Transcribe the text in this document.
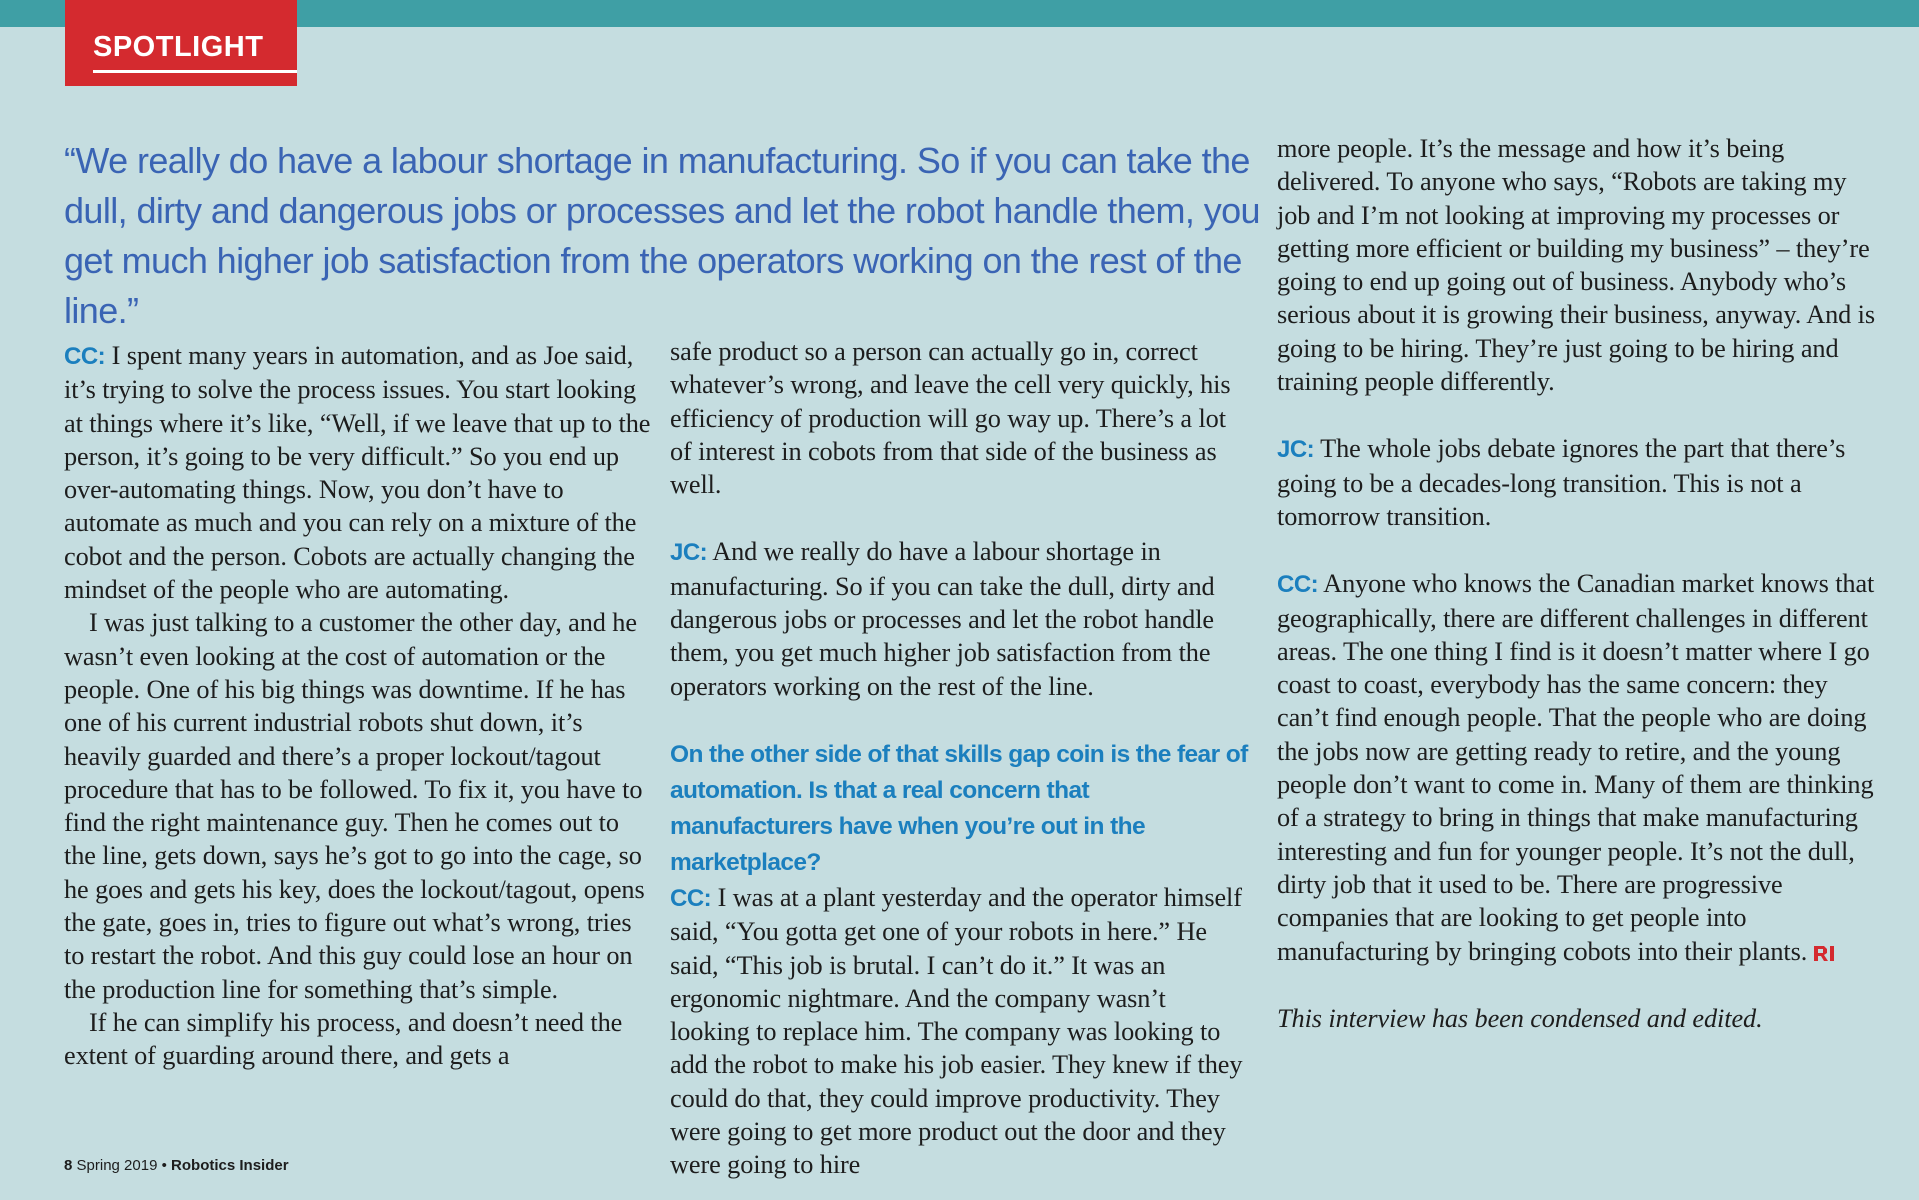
SPOTLIGHT
“We really do have a labour shortage in manufacturing. So if you can take the dull, dirty and dangerous jobs or processes and let the robot handle them, you get much higher job satisfaction from the operators working on the rest of the line.”

CC: I spent many years in automation, and as Joe said, it’s trying to solve the process issues. You start looking at things where it’s like, “Well, if we leave that up to the person, it’s going to be very difficult.” So you end up over-automating things. Now, you don’t have to automate as much and you can rely on a mixture of the cobot and the person. Cobots are actually changing the mindset of the people who are automating.

I was just talking to a customer the other day, and he wasn’t even looking at the cost of automation or the people. One of his big things was downtime. If he has one of his current industrial robots shut down, it’s heavily guarded and there’s a proper lockout/tagout procedure that has to be followed. To fix it, you have to find the right maintenance guy. Then he comes out to the line, gets down, says he’s got to go into the cage, so he goes and gets his key, does the lockout/tagout, opens the gate, goes in, tries to figure out what’s wrong, tries to restart the robot. And this guy could lose an hour on the production line for something that’s simple.

If he can simplify his process, and doesn’t need the extent of guarding around there, and gets a

safe product so a person can actually go in, correct whatever’s wrong, and leave the cell very quickly, his efficiency of production will go way up. There’s a lot of interest in cobots from that side of the business as well.

JC: And we really do have a labour shortage in manufacturing. So if you can take the dull, dirty and dangerous jobs or processes and let the robot handle them, you get much higher job satisfaction from the operators working on the rest of the line.

On the other side of that skills gap coin is the fear of automation. Is that a real concern that manufacturers have when you’re out in the marketplace?

CC: I was at a plant yesterday and the operator himself said, “You gotta get one of your robots in here.” He said, “This job is brutal. I can’t do it.” It was an ergonomic nightmare. And the company wasn’t looking to replace him. The company was looking to add the robot to make his job easier. They knew if they could do that, they could improve productivity. They were going to get more product out the door and they were going to hire

more people. It’s the message and how it’s being delivered. To anyone who says, “Robots are taking my job and I’m not looking at improving my processes or getting more efficient or building my business” – they’re going to end up going out of business. Anybody who’s serious about it is growing their business, anyway. And is going to be hiring. They’re just going to be hiring and training people differently.

JC: The whole jobs debate ignores the part that there’s going to be a decades-long transition. This is not a tomorrow transition.

CC: Anyone who knows the Canadian market knows that geographically, there are different challenges in different areas. The one thing I find is it doesn’t matter where I go coast to coast, everybody has the same concern: they can’t find enough people. That the people who are doing the jobs now are getting ready to retire, and the young people don’t want to come in. Many of them are thinking of a strategy to bring in things that make manufacturing interesting and fun for younger people. It’s not the dull, dirty job that it used to be. There are progressive companies that are looking to get people into manufacturing by bringing cobots into their plants.

This interview has been condensed and edited.

8 Spring 2019 • Robotics Insider
